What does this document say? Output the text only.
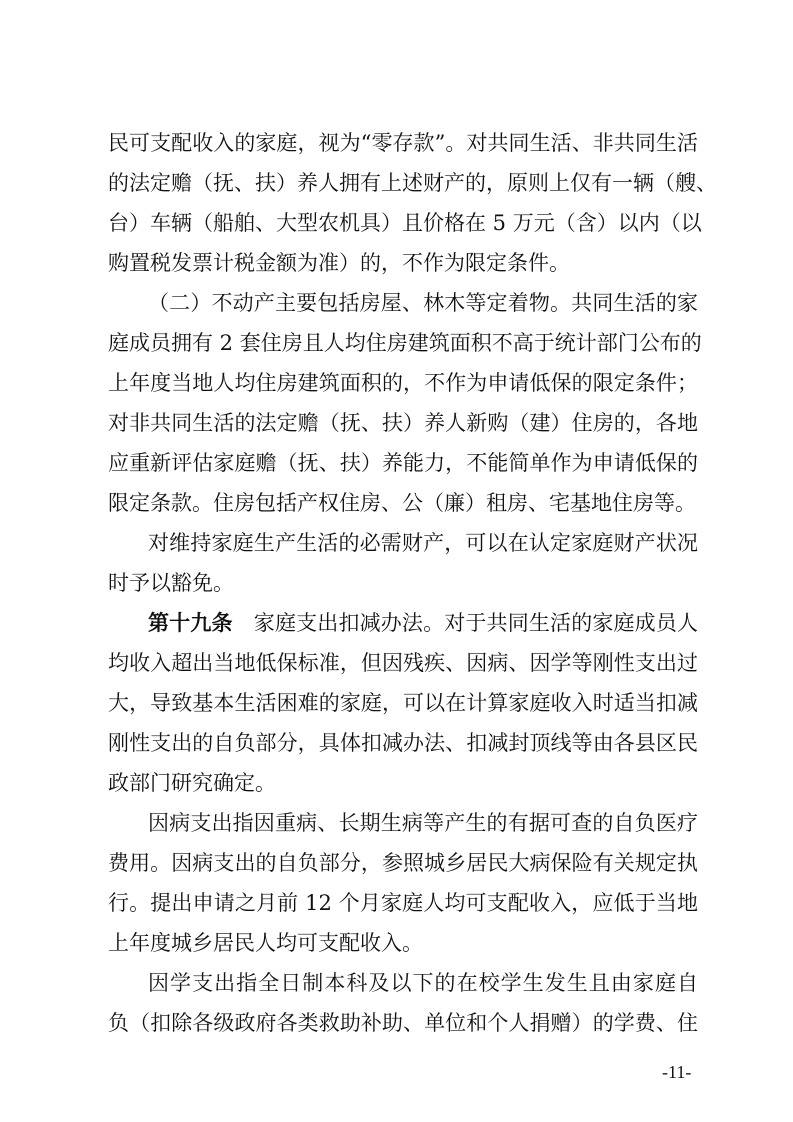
民可支配收入的家庭，视为“零存款”。对共同生活、非共同生活
的法定赡（抚、扶）养人拥有上述财产的，原则上仅有一辆（艘、
台）车辆（船舶、大型农机具）且价格在 5 万元（含）以内（以
购置税发票计税金额为准）的，不作为限定条件。
（二）不动产主要包括房屋、林木等定着物。共同生活的家
庭成员拥有 2 套住房且人均住房建筑面积不高于统计部门公布的
上年度当地人均住房建筑面积的，不作为申请低保的限定条件；
对非共同生活的法定赡（抚、扶）养人新购（建）住房的，各地
应重新评估家庭赡（抚、扶）养能力，不能简单作为申请低保的
限定条款。住房包括产权住房、公（廉）租房、宅基地住房等。
对维持家庭生产生活的必需财产，可以在认定家庭财产状况
时予以豁免。
第十九条 家庭支出扣减办法。对于共同生活的家庭成员人
均收入超出当地低保标准，但因残疾、因病、因学等刚性支出过
大，导致基本生活困难的家庭，可以在计算家庭收入时适当扣减
刚性支出的自负部分，具体扣减办法、扣减封顶线等由各县区民
政部门研究确定。
因病支出指因重病、长期生病等产生的有据可查的自负医疗
费用。因病支出的自负部分，参照城乡居民大病保险有关规定执
行。提出申请之月前 12 个月家庭人均可支配收入，应低于当地
上年度城乡居民人均可支配收入。
因学支出指全日制本科及以下的在校学生发生且由家庭自
负（扣除各级政府各类救助补助、单位和个人捐赠）的学费、住
-11-
